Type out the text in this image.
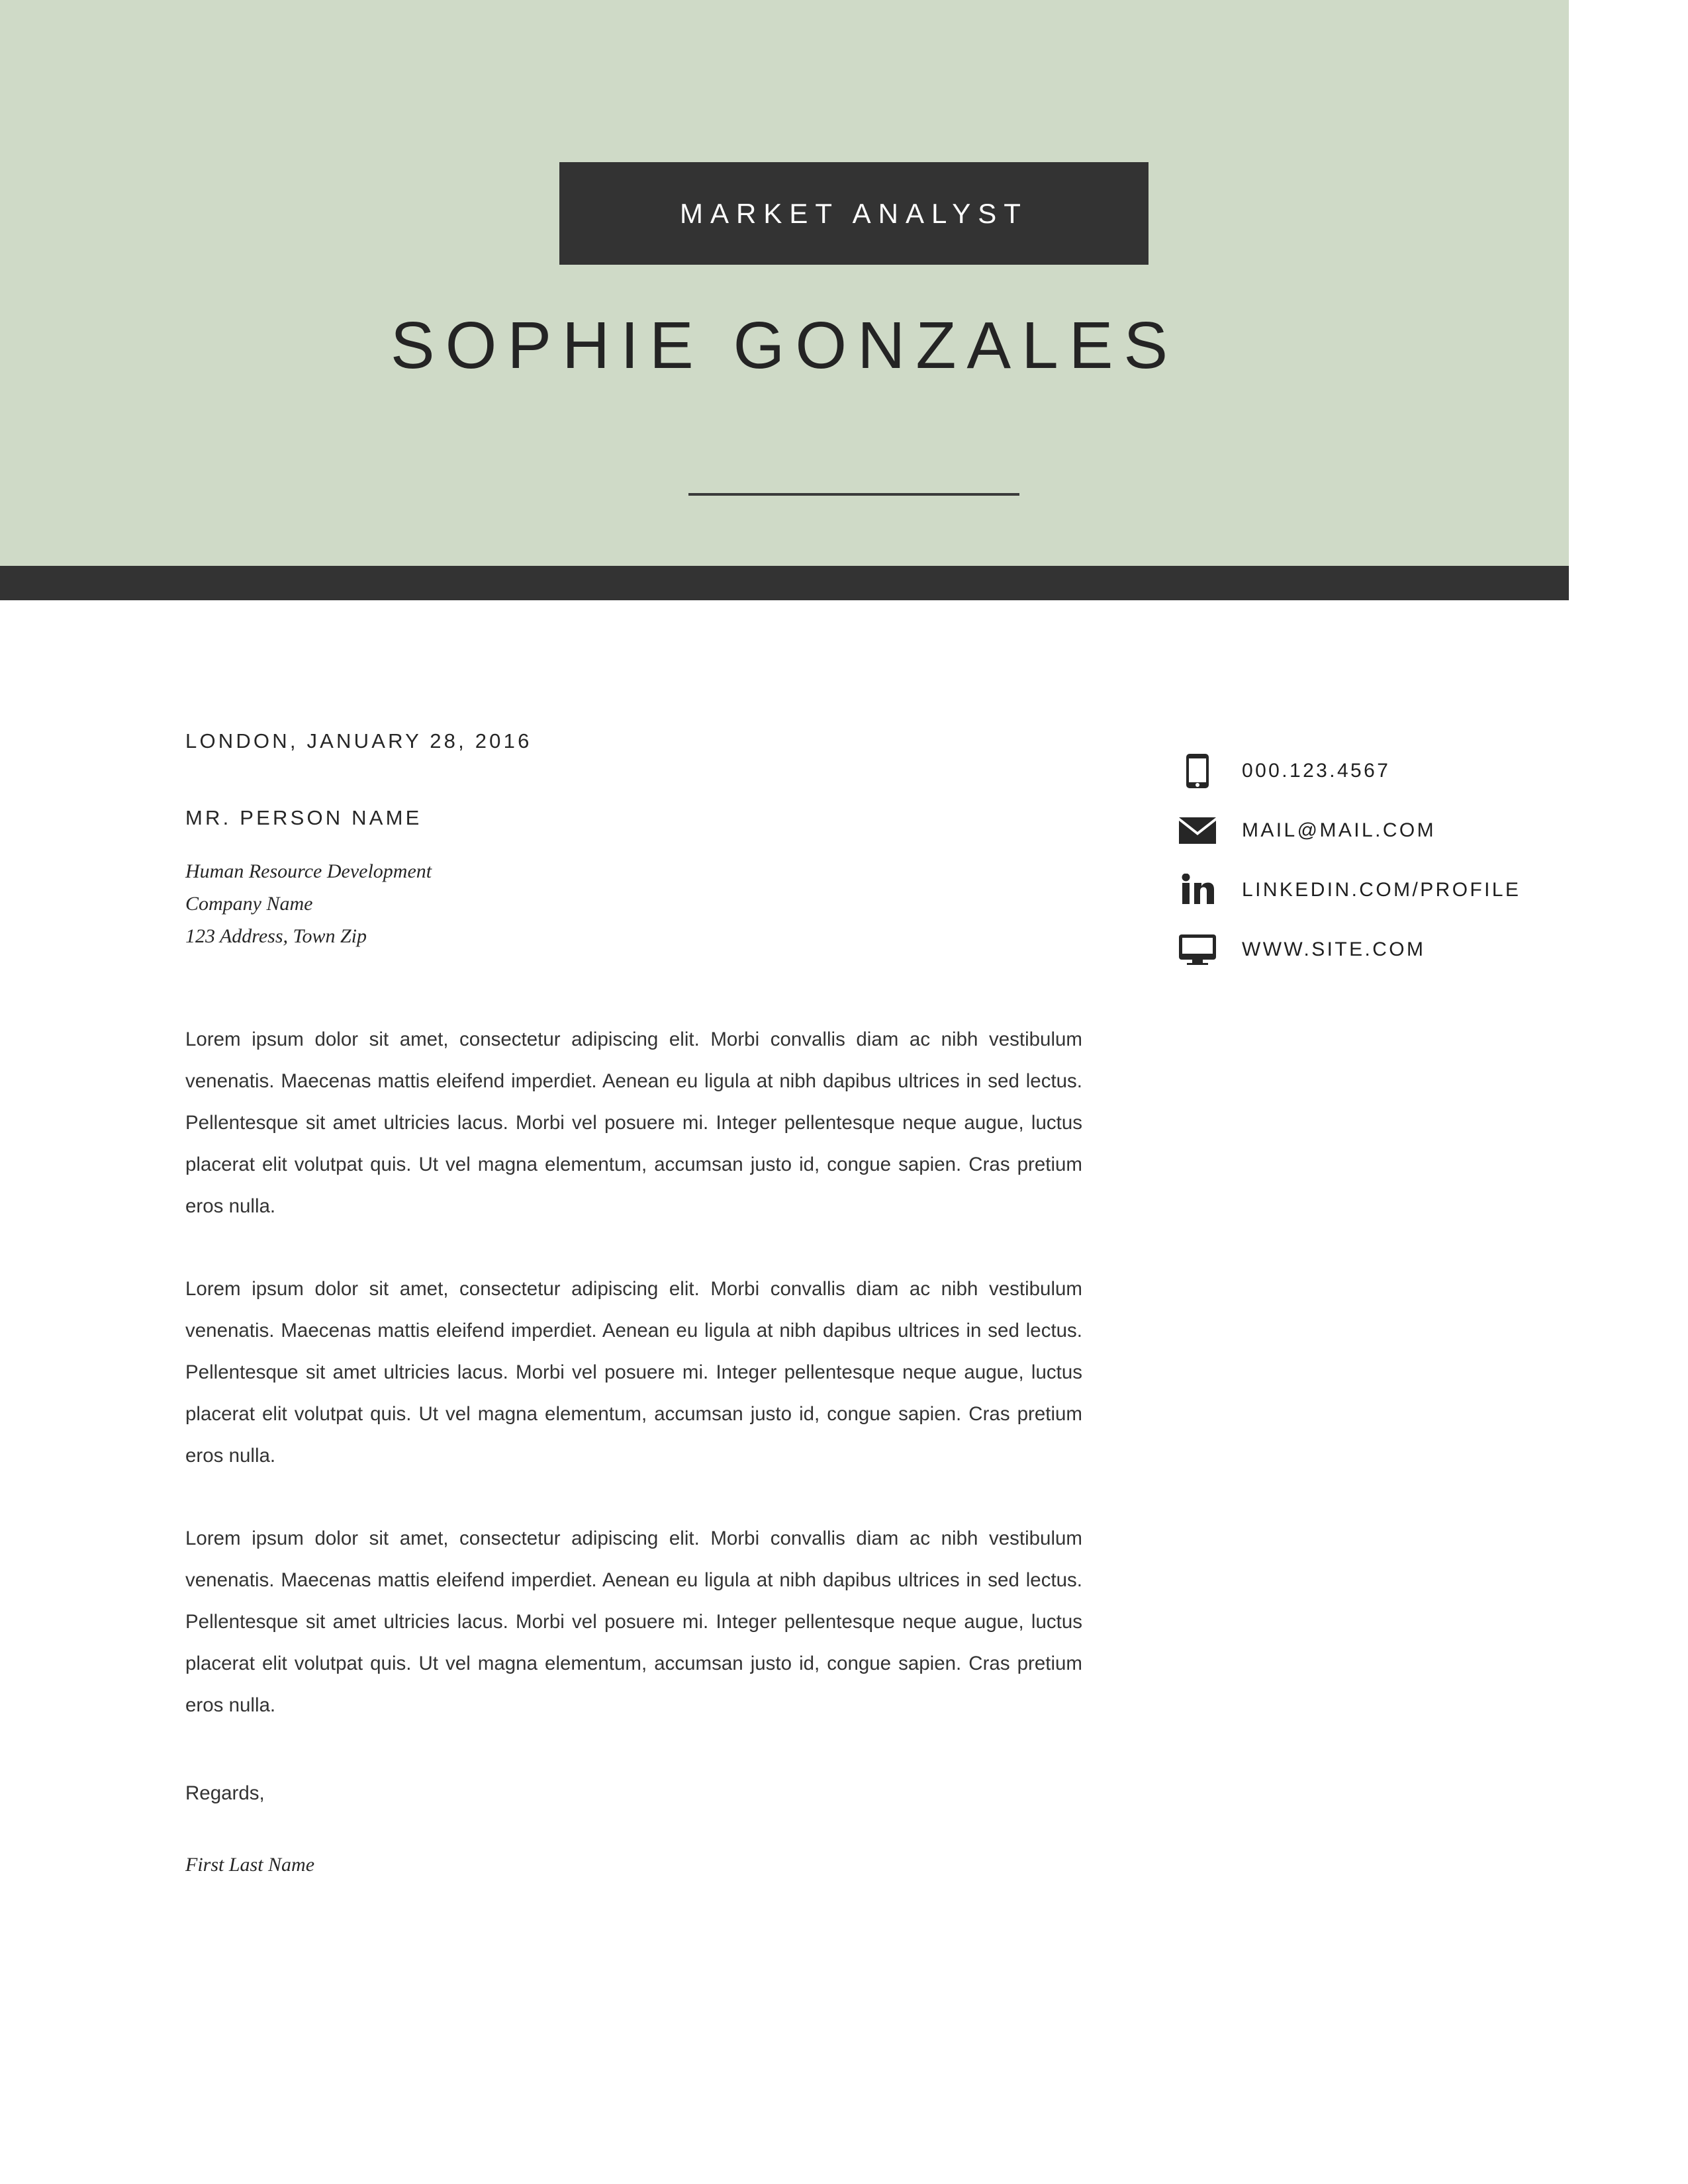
MARKET ANALYST
SOPHIE GONZALES
LONDON, JANUARY 28, 2016
MR. PERSON NAME
Human Resource Development
Company Name
123 Address, Town Zip

Lorem ipsum dolor sit amet, consectetur adipiscing elit. Morbi convallis diam ac nibh vestibulum venenatis. Maecenas mattis eleifend imperdiet. Aenean eu ligula at nibh dapibus ultrices in sed lectus. Pellentesque sit amet ultricies lacus. Morbi vel posuere mi. Integer pellentesque neque augue, luctus placerat elit volutpat quis. Ut vel magna elementum, accumsan justo id, congue sapien. Cras pretium eros nulla.

Lorem ipsum dolor sit amet, consectetur adipiscing elit. Morbi convallis diam ac nibh vestibulum venenatis. Maecenas mattis eleifend imperdiet. Aenean eu ligula at nibh dapibus ultrices in sed lectus. Pellentesque sit amet ultricies lacus. Morbi vel posuere mi. Integer pellentesque neque augue, luctus placerat elit volutpat quis. Ut vel magna elementum, accumsan justo id, congue sapien. Cras pretium eros nulla.

Lorem ipsum dolor sit amet, consectetur adipiscing elit. Morbi convallis diam ac nibh vestibulum venenatis. Maecenas mattis eleifend imperdiet. Aenean eu ligula at nibh dapibus ultrices in sed lectus. Pellentesque sit amet ultricies lacus. Morbi vel posuere mi. Integer pellentesque neque augue, luctus placerat elit volutpat quis. Ut vel magna elementum, accumsan justo id, congue sapien. Cras pretium eros nulla.

Regards,
First Last Name
000.123.4567
MAIL@MAIL.COM
LINKEDIN.COM/PROFILE
WWW.SITE.COM
